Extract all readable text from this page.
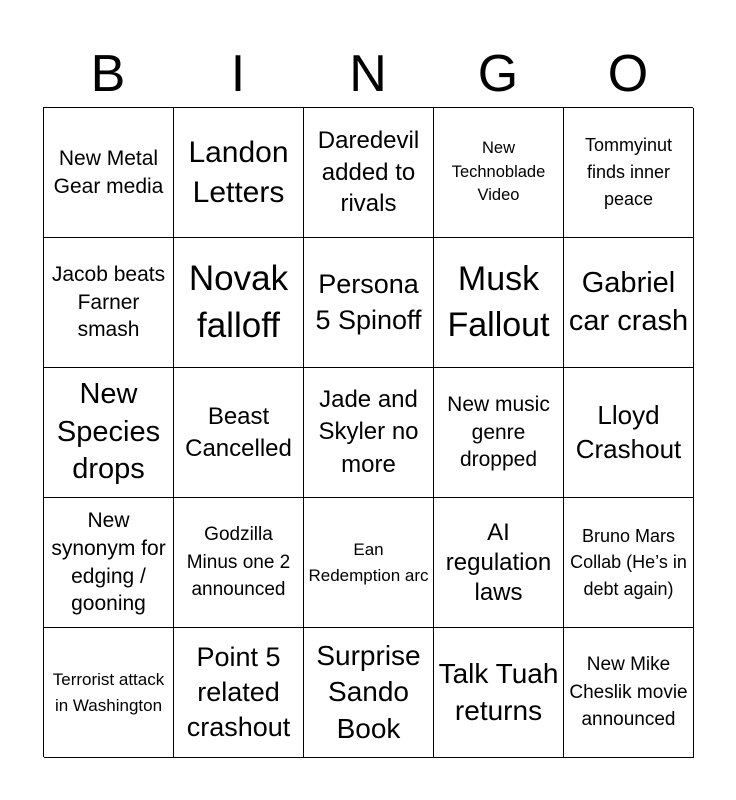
B	I	N	G	O
New Metal Gear media
Landon Letters
Daredevil added to rivals
New Technoblade Video
Tommyinut finds inner peace
Jacob beats Farner smash
Novak falloff
Persona 5 Spinoff
Musk Fallout
Gabriel car crash
New Species drops
Beast Cancelled
Jade and Skyler no more
New music genre dropped
Lloyd Crashout
New synonym for edging / gooning
Godzilla Minus one 2 announced
Ean Redemption arc
AI regulation laws
Bruno Mars Collab (He’s in debt again)
Terrorist attack in Washington
Point 5 related crashout
Surprise Sando Book
Talk Tuah returns
New Mike Cheslik movie announced
